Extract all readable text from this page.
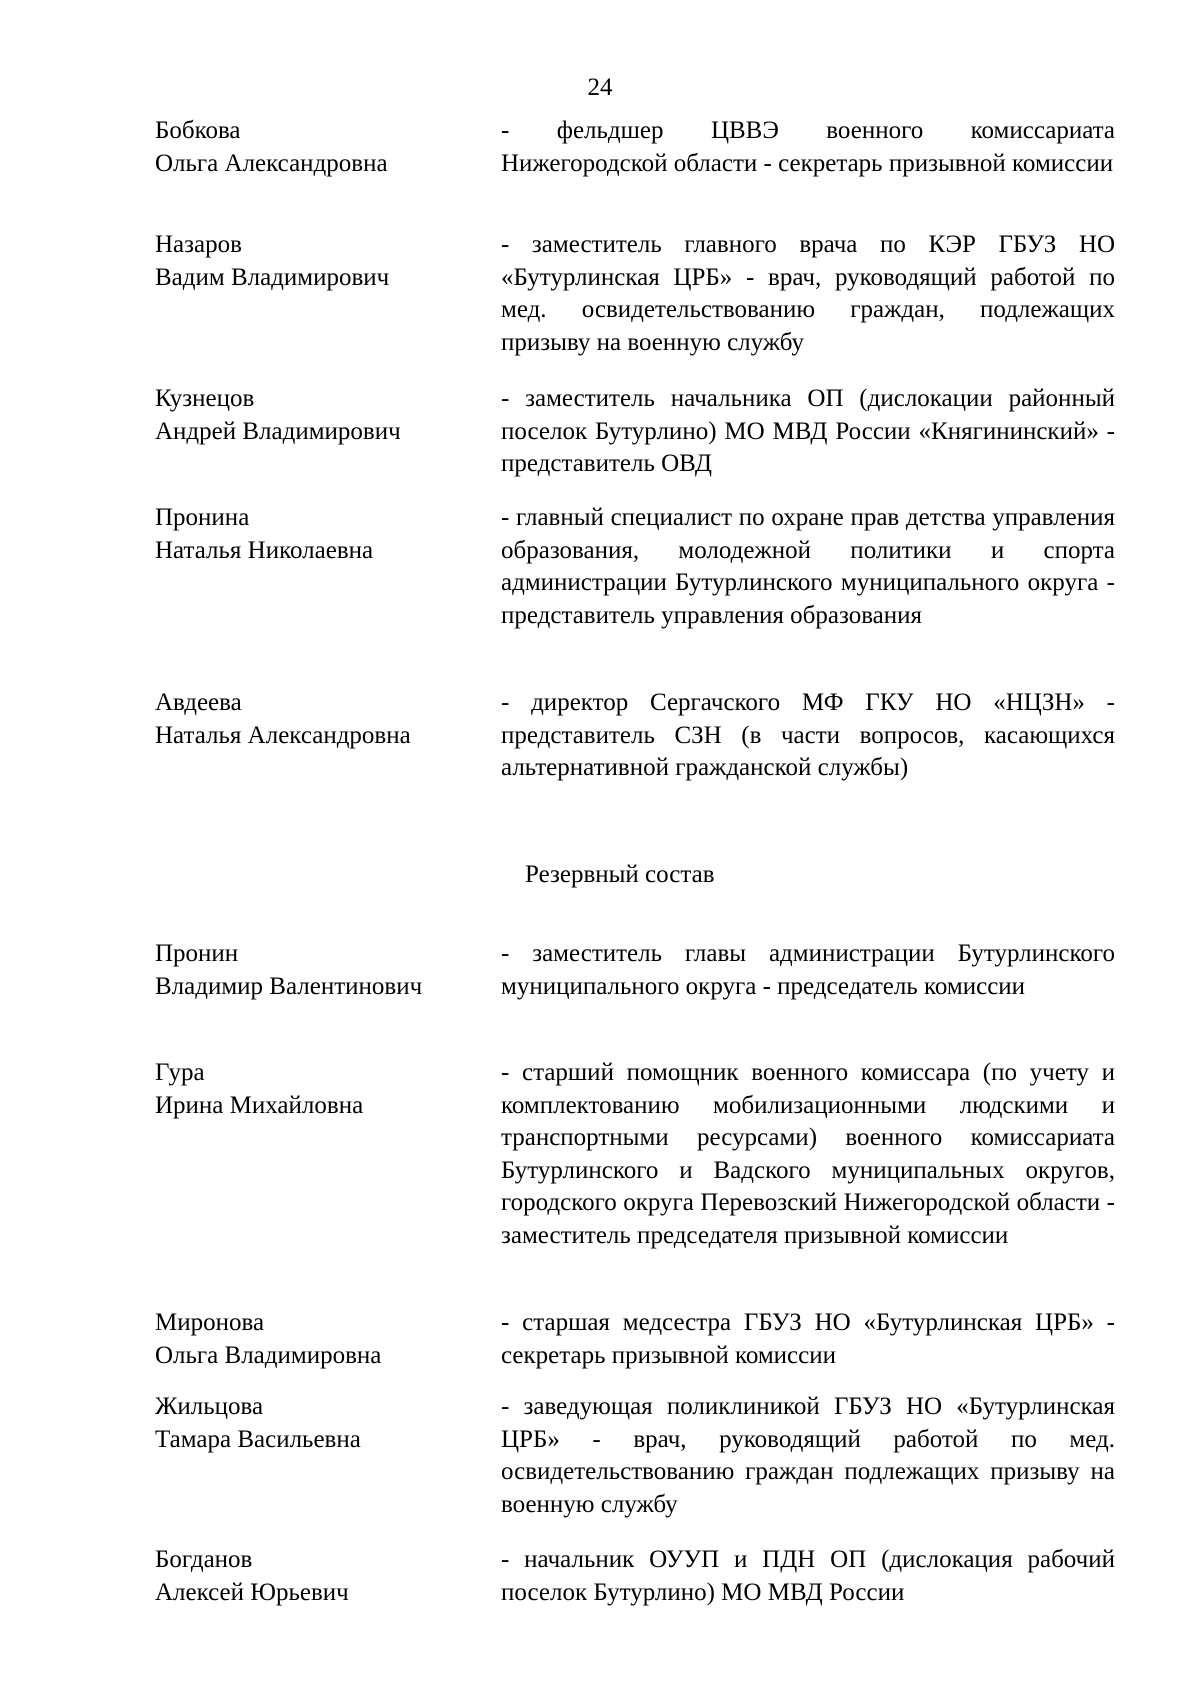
24
Бобкова
Ольга Александровна
- фельдшер ЦВВЭ военного комиссариата Нижегородской области - секретарь призывной комиссии
Назаров
Вадим Владимирович
- заместитель главного врача по КЭР ГБУЗ НО «Бутурлинская ЦРБ» - врач, руководящий работой по мед. освидетельствованию граждан, подлежащих призыву на военную службу
Кузнецов
Андрей Владимирович
- заместитель начальника ОП (дислокации районный поселок Бутурлино) МО МВД России «Княгининский» - представитель ОВД
Пронина
Наталья Николаевна
- главный специалист по охране прав детства управления образования, молодежной политики и спорта администрации Бутурлинского муниципального округа - представитель управления образования
Авдеева
Наталья Александровна
- директор Сергачского МФ ГКУ НО «НЦЗН» - представитель СЗН (в части вопросов, касающихся альтернативной гражданской службы)
Резервный состав
Пронин
Владимир Валентинович
- заместитель главы администрации Бутурлинского муниципального округа - председатель комиссии
Гура
Ирина Михайловна
- старший помощник военного комиссара (по учету и комплектованию мобилизационными людскими и транспортными ресурсами) военного комиссариата Бутурлинского и Вадского муниципальных округов, городского округа Перевозский Нижегородской области - заместитель председателя призывной комиссии
Миронова
Ольга Владимировна
- старшая медсестра ГБУЗ НО «Бутурлинская ЦРБ» - секретарь призывной комиссии
Жильцова
Тамара Васильевна
- заведующая поликлиникой ГБУЗ НО «Бутурлинская ЦРБ» - врач, руководящий работой по мед. освидетельствованию граждан подлежащих призыву на военную службу
Богданов
Алексей Юрьевич
- начальник ОУУП и ПДН ОП (дислокация рабочий поселок Бутурлино) МО МВД России
